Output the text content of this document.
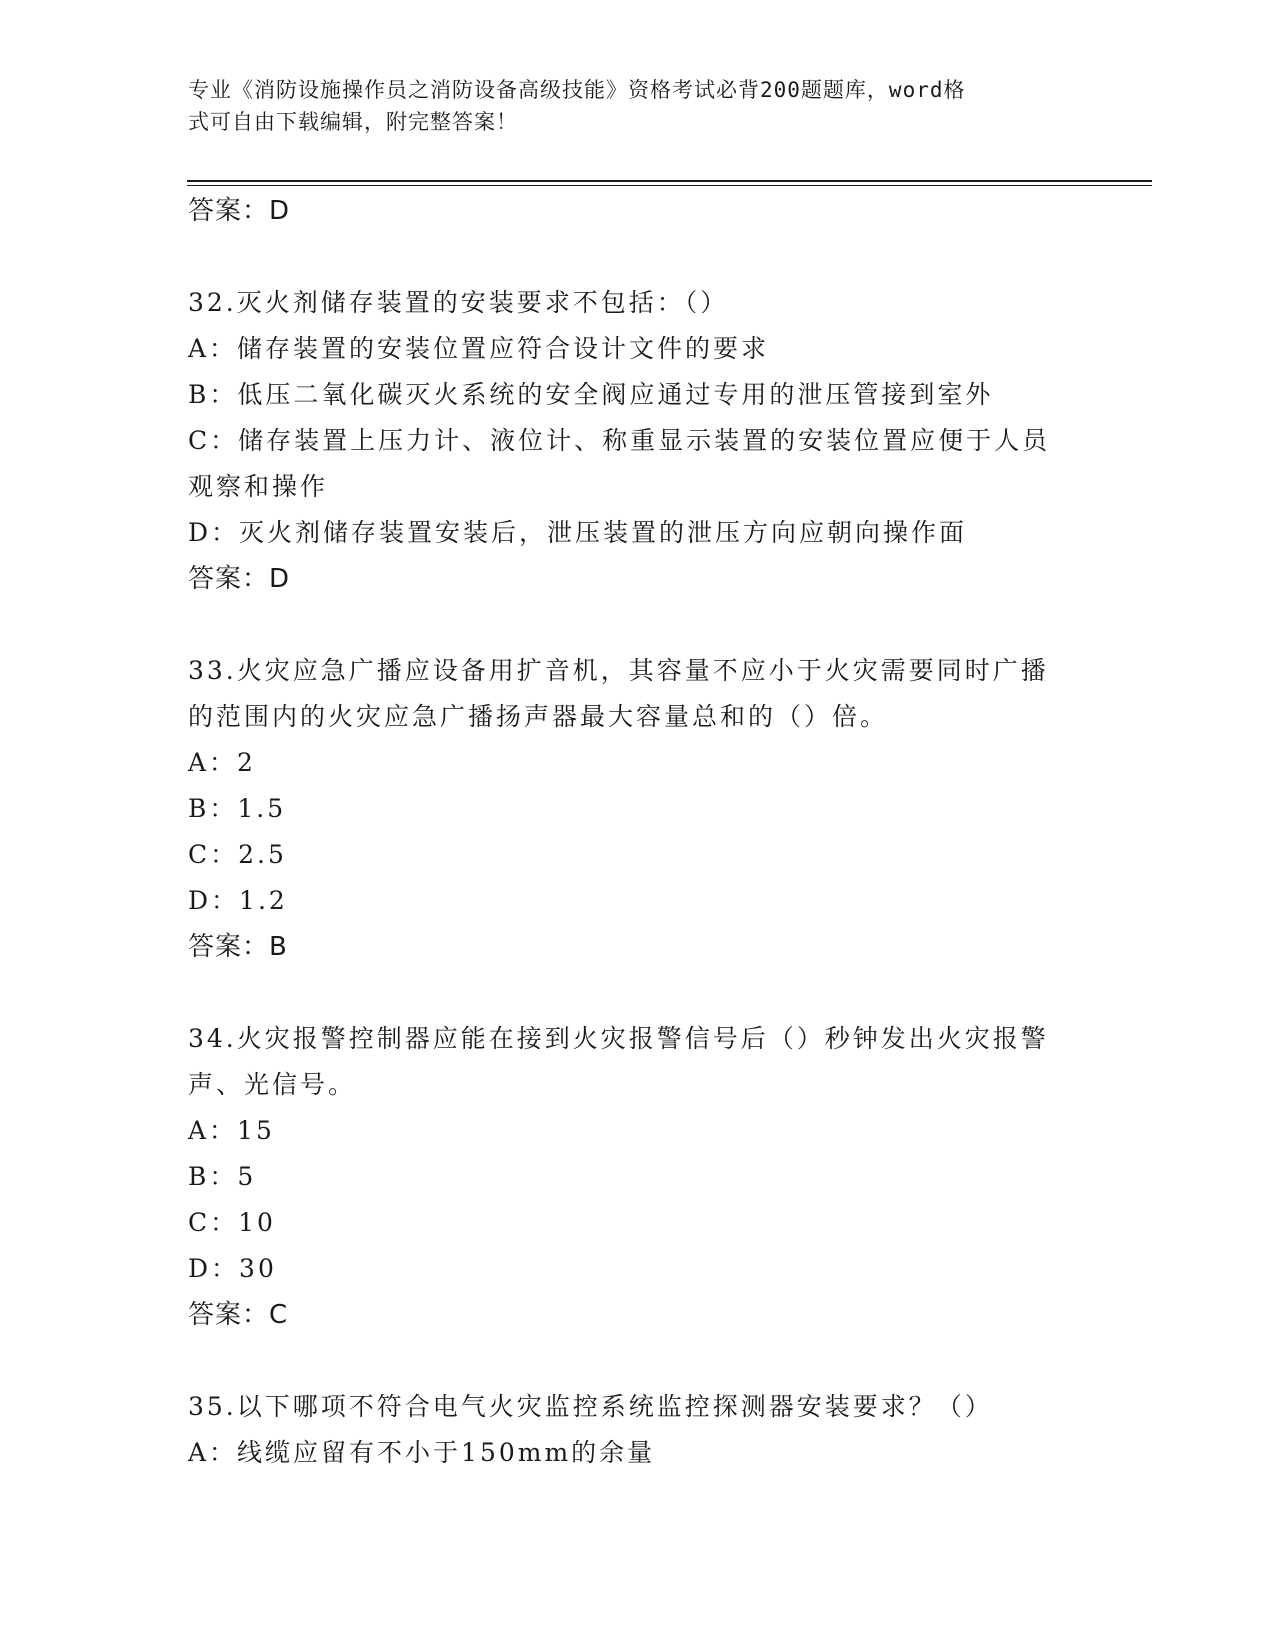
专业《消防设施操作员之消防设备高级技能》资格考试必背200题题库，word格
式可自由下载编辑，附完整答案！
答案：D
32.灭火剂储存装置的安装要求不包括：（）
A：储存装置的安装位置应符合设计文件的要求
B：低压二氧化碳灭火系统的安全阀应通过专用的泄压管接到室外
C：储存装置上压力计、液位计、称重显示装置的安装位置应便于人员
观察和操作
D：灭火剂储存装置安装后，泄压装置的泄压方向应朝向操作面
答案：D
33.火灾应急广播应设备用扩音机，其容量不应小于火灾需要同时广播
的范围内的火灾应急广播扬声器最大容量总和的（）倍。
A：2
B：1.5
C：2.5
D：1.2
答案：B
34.火灾报警控制器应能在接到火灾报警信号后（）秒钟发出火灾报警
声、光信号。
A：15
B：5
C：10
D：30
答案：C
35.以下哪项不符合电气火灾监控系统监控探测器安装要求？（）
A：线缆应留有不小于150mm的余量
